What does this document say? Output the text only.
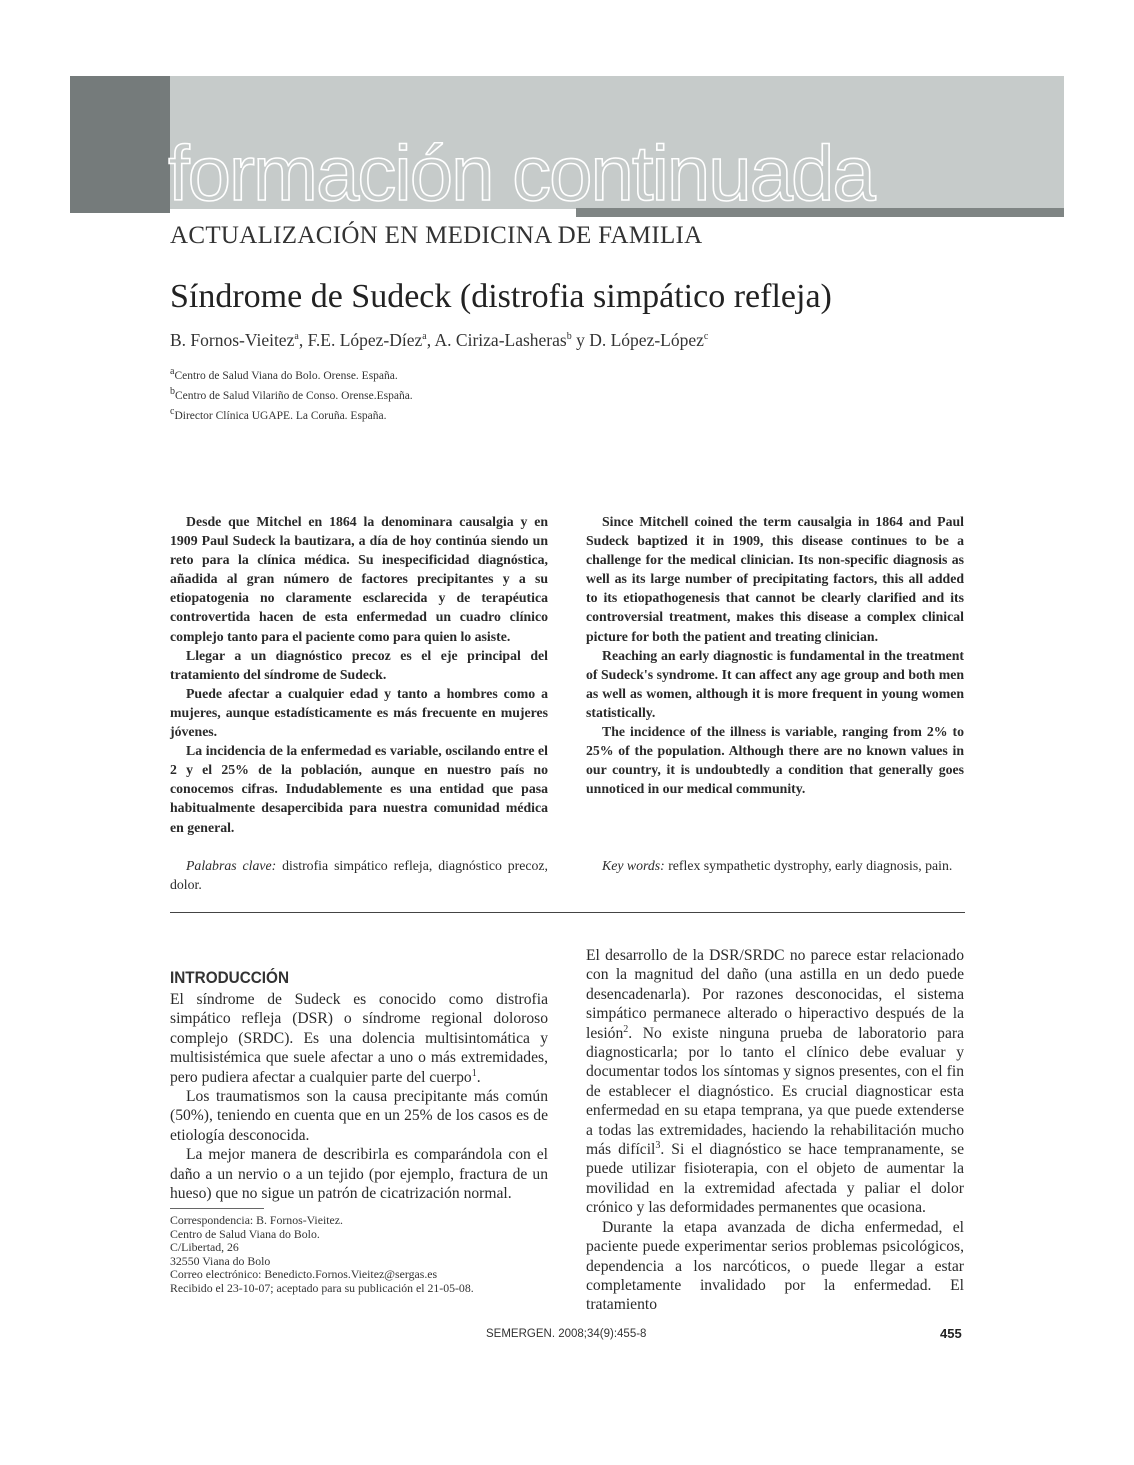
formación continuada
ACTUALIZACIÓN EN MEDICINA DE FAMILIA
Síndrome de Sudeck (distrofia simpático refleja)
B. Fornos-Vieitez$^a$, F.E. López-Díez$^a$, A. Ciriza-Lasheras$^b$ y D. López-López$^c$
$^a$Centro de Salud Viana do Bolo. Orense. España.
$^b$Centro de Salud Vilariño de Conso. Orense.España.
$^c$Director Clínica UGAPE. La Coruña. España.

Desde que Mitchel en 1864 la denominara causalgia y en 1909 Paul Sudeck la bautizara, a día de hoy continúa siendo un reto para la clínica médica. Su inespecificidad diagnóstica, añadida al gran número de factores precipitantes y a su etiopatogenia no claramente esclarecida y de terapéutica controvertida hacen de esta enfermedad un cuadro clínico complejo tanto para el paciente como para quien lo asiste.

Llegar a un diagnóstico precoz es el eje principal del tratamiento del síndrome de Sudeck.

Puede afectar a cualquier edad y tanto a hombres como a mujeres, aunque estadísticamente es más frecuente en mujeres jóvenes.

La incidencia de la enfermedad es variable, oscilando entre el 2 y el 25% de la población, aunque en nuestro país no conocemos cifras. Indudablemente es una entidad que pasa habitualmente desapercibida para nuestra comunidad médica en general.

Palabras clave: distrofia simpático refleja, diagnóstico precoz, dolor.

Since Mitchell coined the term causalgia in 1864 and Paul Sudeck baptized it in 1909, this disease continues to be a challenge for the medical clinician. Its non-specific diagnosis as well as its large number of precipitating factors, this all added to its etiopathogenesis that cannot be clearly clarified and its controversial treatment, makes this disease a complex clinical picture for both the patient and treating clinician.

Reaching an early diagnostic is fundamental in the treatment of Sudeck's syndrome. It can affect any age group and both men as well as women, although it is more frequent in young women statistically.

The incidence of the illness is variable, ranging from 2% to 25% of the population. Although there are no known values in our country, it is undoubtedly a condition that generally goes unnoticed in our medical community.

Key words: reflex sympathetic dystrophy, early diagnosis, pain.
INTRODUCCIÓN

El síndrome de Sudeck es conocido como distrofia simpático refleja (DSR) o síndrome regional doloroso complejo (SRDC). Es una dolencia multisintomática y multisistémica que suele afectar a uno o más extremidades, pero pudiera afectar a cualquier parte del cuerpo$^1$.

Los traumatismos son la causa precipitante más común (50%), teniendo en cuenta que en un 25% de los casos es de etiología desconocida.

La mejor manera de describirla es comparándola con el daño a un nervio o a un tejido (por ejemplo, fractura de un hueso) que no sigue un patrón de cicatrización normal.

El desarrollo de la DSR/SRDC no parece estar relacionado con la magnitud del daño (una astilla en un dedo puede desencadenarla). Por razones desconocidas, el sistema simpático permanece alterado o hiperactivo después de la lesión$^2$. No existe ninguna prueba de laboratorio para diagnosticarla; por lo tanto el clínico debe evaluar y documentar todos los síntomas y signos presentes, con el fin de establecer el diagnóstico. Es crucial diagnosticar esta enfermedad en su etapa temprana, ya que puede extenderse a todas las extremidades, haciendo la rehabilitación mucho más difícil$^3$. Si el diagnóstico se hace tempranamente, se puede utilizar fisioterapia, con el objeto de aumentar la movilidad en la extremidad afectada y paliar el dolor crónico y las deformidades permanentes que ocasiona.

Durante la etapa avanzada de dicha enfermedad, el paciente puede experimentar serios problemas psicológicos, dependencia a los narcóticos, o puede llegar a estar completamente invalidado por la enfermedad. El tratamiento

Correspondencia: B. Fornos-Vieitez.
Centro de Salud Viana do Bolo.
C/Libertad, 26
32550 Viana do Bolo
Correo electrónico: Benedicto.Fornos.Vieitez@sergas.es
Recibido el 23-10-07; aceptado para su publicación el 21-05-08.
SEMERGEN. 2008;34(9):455-8	455
